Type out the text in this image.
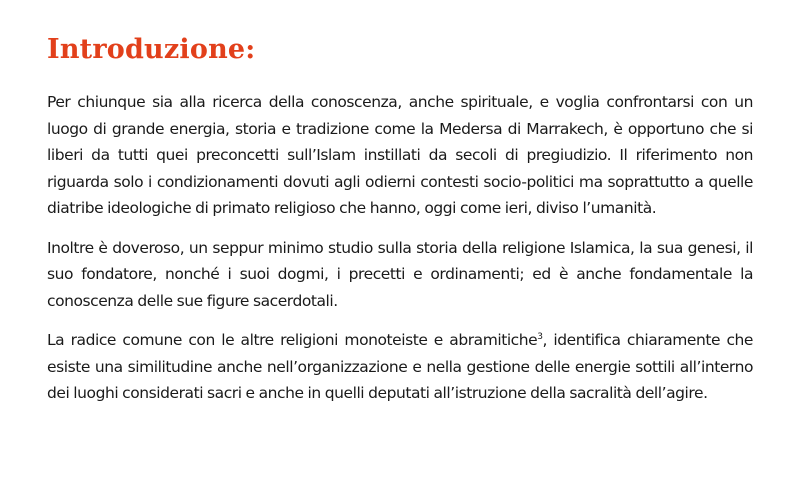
Introduzione:

Per chiunque sia alla ricerca della conoscenza, anche spirituale, e voglia confrontarsi con un luogo di grande energia, storia e tradizione come la Medersa di Marrakech, è opportuno che si liberi da tutti quei preconcetti sull’Islam instillati da secoli di pregiudizio. Il riferimento non riguarda solo i condizionamenti dovuti agli odierni contesti socio-politici ma soprattutto a quelle diatribe ideologiche di primato religioso che hanno, oggi come ieri, diviso l’umanità.

Inoltre è doveroso, un seppur minimo studio sulla storia della religione Islamica, la sua genesi, il suo fondatore, nonché i suoi dogmi, i precetti e ordinamenti; ed è anche fondamentale la conoscenza delle sue figure sacerdotali.

La radice comune con le altre religioni monoteiste e abramitiche$^3$, identifica chiaramente che esiste una similitudine anche nell’organizzazione e nella gestione delle energie sottili all’interno dei luoghi considerati sacri e anche in quelli deputati all’istruzione della sacralità dell’agire.
